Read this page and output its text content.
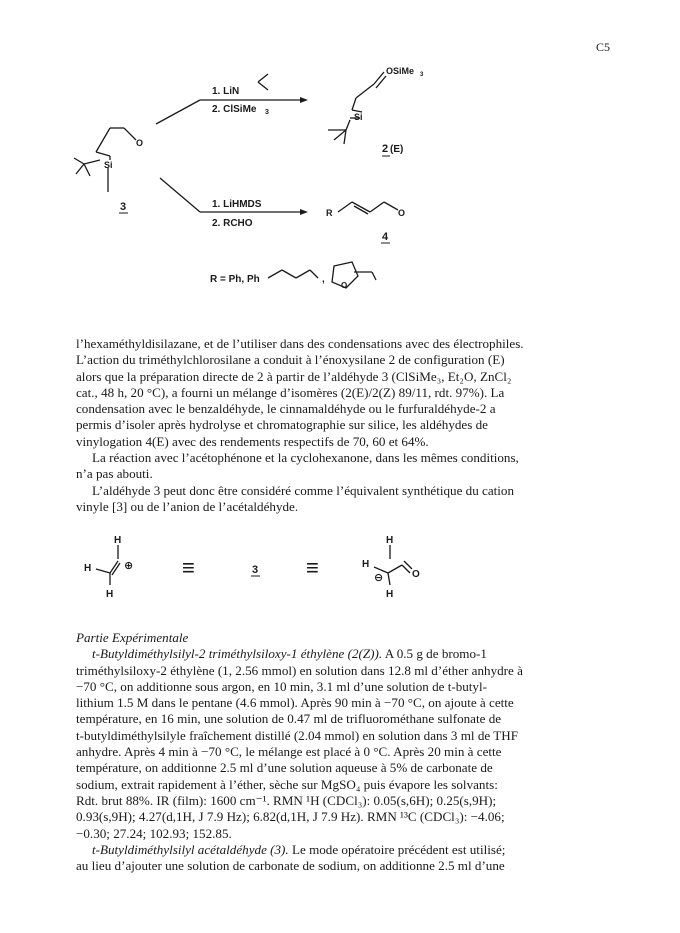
C5
1. LiN
2. ClSiMe 3
OSiMe 3
Si
2 (E)
O
Si
3	1. LiHMDS
2. RCHO
R	O
4
R = Ph, Ph	,
O

l’hexaméthyldisilazane, et de l’utiliser dans des condensations avec des électrophiles.

L’action du triméthylchlorosilane a conduit à l’énoxysilane 2 de configuration (E)

alors que la préparation directe de 2 à partir de l’aldéhyde 3 (ClSiMe₃, Et₂O, ZnCl₂

cat., 48 h, 20 °C), a fourni un mélange d’isomères (2(E)/2(Z) 89/11, rdt. 97%). La

condensation avec le benzaldéhyde, le cinnamaldéhyde ou le furfuraldéhyde-2 a

permis d’isoler après hydrolyse et chromatographie sur silice, les aldéhydes de

vinylogation 4(E) avec des rendements respectifs de 70, 60 et 64%.

La réaction avec l’acétophénone et la cyclohexanone, dans les mêmes conditions,

n’a pas abouti.

L’aldéhyde 3 peut donc être considéré comme l’équivalent synthétique du cation

vinyle [3] ou de l’anion de l’acétaldéhyde.

H
H
H
⊕ ≡	3 ≡
H
H
H
⊖	O

Partie Expérimentale

t-Butyldiméthylsilyl-2 triméthylsiloxy-1 éthylène (2(Z)). A 0.5 g de bromo-1

triméthylsiloxy-2 éthylène (1, 2.56 mmol) en solution dans 12.8 ml d’éther anhydre à

−70 °C, on additionne sous argon, en 10 min, 3.1 ml d’une solution de t-butyl-

lithium 1.5 M dans le pentane (4.6 mmol). Après 90 min à −70 °C, on ajoute à cette

température, en 16 min, une solution de 0.47 ml de trifluorométhane sulfonate de

t-butyldiméthylsilyle fraîchement distillé (2.04 mmol) en solution dans 3 ml de THF

anhydre. Après 4 min à −70 °C, le mélange est placé à 0 °C. Après 20 min à cette

température, on additionne 2.5 ml d’une solution aqueuse à 5% de carbonate de

sodium, extrait rapidement à l’éther, sèche sur MgSO₄ puis évapore les solvants:

Rdt. brut 88%. IR (film): 1600 cm⁻¹. RMN ¹H (CDCl₃): 0.05(s,6H); 0.25(s,9H);

0.93(s,9H); 4.27(d,1H, J 7.9 Hz); 6.82(d,1H, J 7.9 Hz). RMN ¹³C (CDCl₃): −4.06;

−0.30; 27.24; 102.93; 152.85.

t-Butyldiméthylsilyl acétaldéhyde (3). Le mode opératoire précédent est utilisé;

au lieu d’ajouter une solution de carbonate de sodium, on additionne 2.5 ml d’une
